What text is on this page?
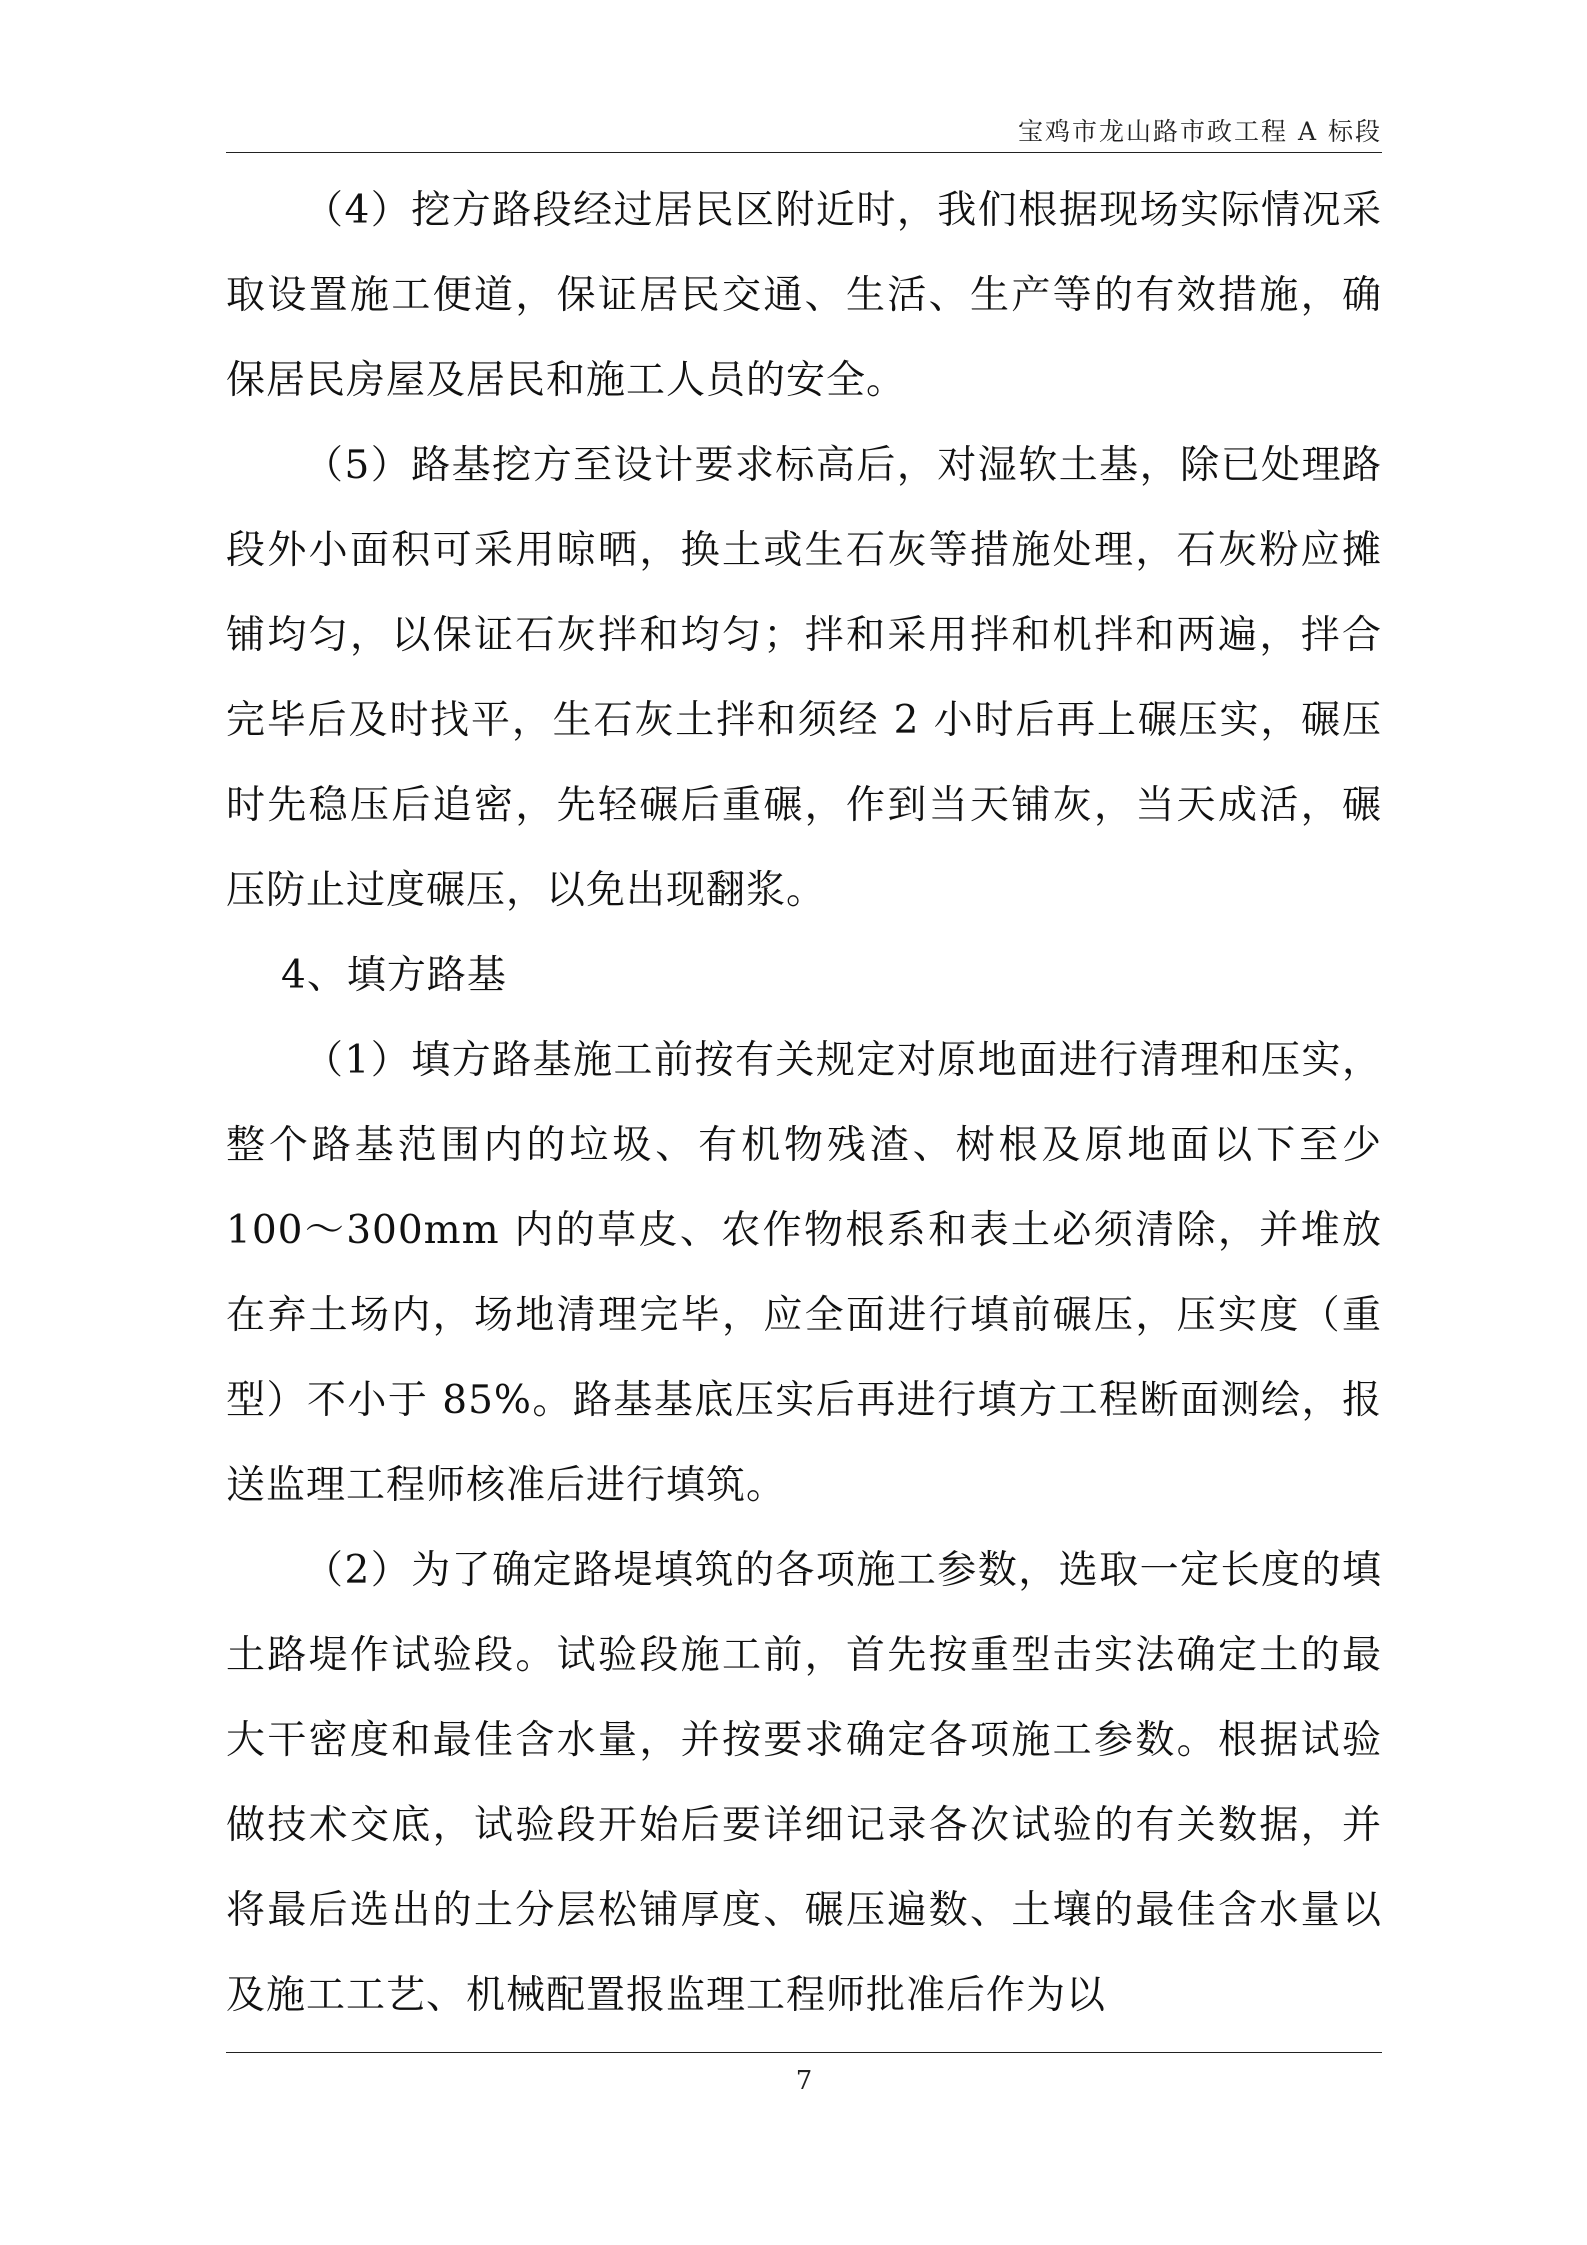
宝鸡市龙山路市政工程 A 标段

（4）挖方路段经过居民区附近时，我们根据现场实际情况采取设置施工便道，保证居民交通、生活、生产等的有效措施，确保居民房屋及居民和施工人员的安全。

（5）路基挖方至设计要求标高后，对湿软土基，除已处理路段外小面积可采用晾晒，换土或生石灰等措施处理，石灰粉应摊铺均匀，以保证石灰拌和均匀；拌和采用拌和机拌和两遍，拌合完毕后及时找平，生石灰土拌和须经 2 小时后再上碾压实，碾压时先稳压后追密，先轻碾后重碾，作到当天铺灰，当天成活，碾压防止过度碾压，以免出现翻浆。

4、填方路基

（1）填方路基施工前按有关规定对原地面进行清理和压实，整个路基范围内的垃圾、有机物残渣、树根及原地面以下至少 100～300mm 内的草皮、农作物根系和表土必须清除，并堆放在弃土场内，场地清理完毕，应全面进行填前碾压，压实度（重型）不小于 85%。路基基底压实后再进行填方工程断面测绘，报送监理工程师核准后进行填筑。

（2）为了确定路堤填筑的各项施工参数，选取一定长度的填土路堤作试验段。试验段施工前，首先按重型击实法确定土的最大干密度和最佳含水量，并按要求确定各项施工参数。根据试验做技术交底，试验段开始后要详细记录各次试验的有关数据，并将最后选出的土分层松铺厚度、碾压遍数、土壤的最佳含水量以及施工工艺、机械配置报监理工程师批准后作为以

7
